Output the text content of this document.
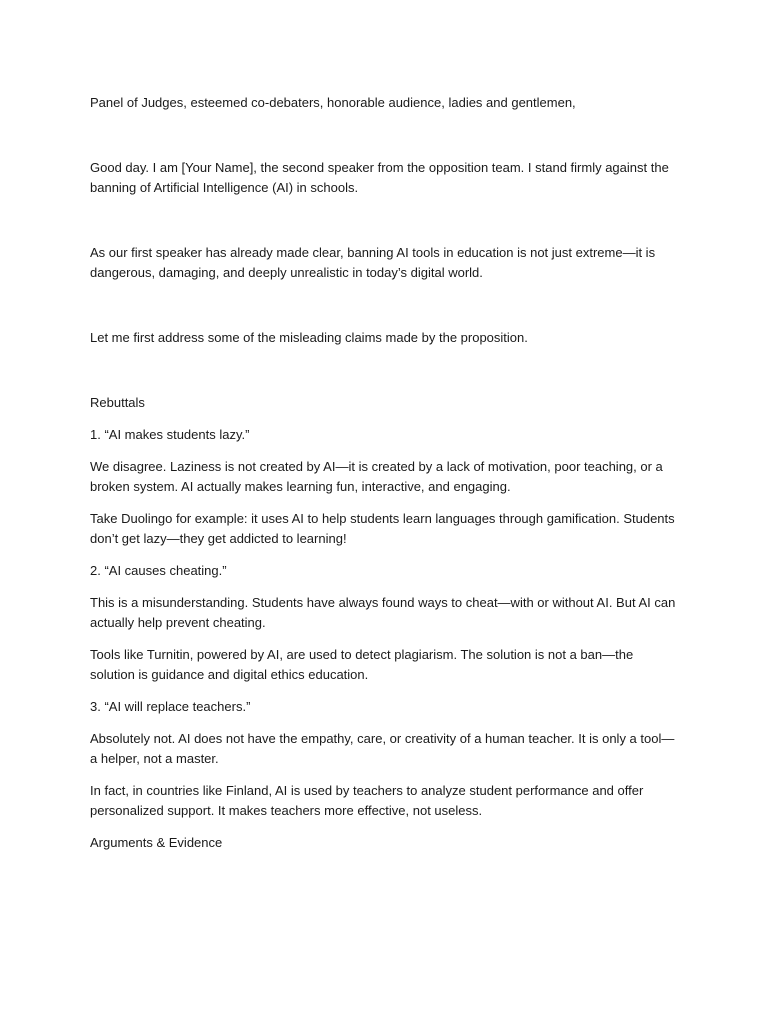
Panel of Judges, esteemed co-debaters, honorable audience, ladies and gentlemen,

Good day. I am [Your Name], the second speaker from the opposition team. I stand firmly against the banning of Artificial Intelligence (AI) in schools.

As our first speaker has already made clear, banning AI tools in education is not just extreme—it is dangerous, damaging, and deeply unrealistic in today’s digital world.

Let me first address some of the misleading claims made by the proposition.

Rebuttals

1. “AI makes students lazy.”

We disagree. Laziness is not created by AI—it is created by a lack of motivation, poor teaching, or a broken system. AI actually makes learning fun, interactive, and engaging.

Take Duolingo for example: it uses AI to help students learn languages through gamification. Students don’t get lazy—they get addicted to learning!

2. “AI causes cheating.”

This is a misunderstanding. Students have always found ways to cheat—with or without AI. But AI can actually help prevent cheating.

Tools like Turnitin, powered by AI, are used to detect plagiarism. The solution is not a ban—the solution is guidance and digital ethics education.

3. “AI will replace teachers.”

Absolutely not. AI does not have the empathy, care, or creativity of a human teacher. It is only a tool—a helper, not a master.

In fact, in countries like Finland, AI is used by teachers to analyze student performance and offer personalized support. It makes teachers more effective, not useless.

Arguments & Evidence
